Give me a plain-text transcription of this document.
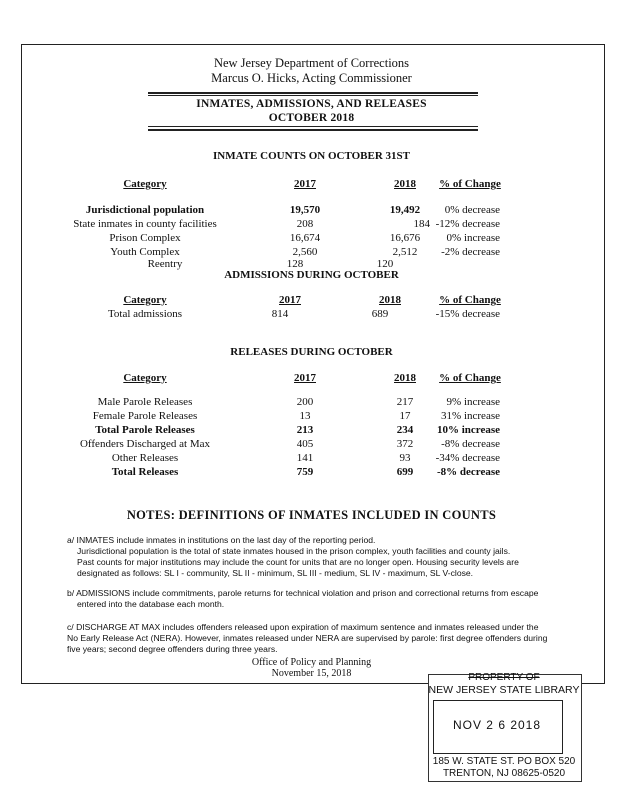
New Jersey Department of Corrections
Marcus O. Hicks, Acting Commissioner
INMATES, ADMISSIONS, AND RELEASES
OCTOBER 2018
INMATE COUNTS ON OCTOBER 31ST
Category	2017	2018	% of Change
Jurisdictional population	19,570	19,492	0% decrease
State inmates in county facilities	208	184 -12% decrease
Prison Complex	16,674	16,676	0% increase
Youth Complex	2,560	2,512	-2% decrease
Reentry	128	120
ADMISSIONS DURING OCTOBER
Category	2017	2018	% of Change
Total admissions	814	689	-15% decrease
RELEASES DURING OCTOBER
Category	2017	2018	% of Change
Male Parole Releases	200	217	9% increase
Female Parole Releases	13	17	31% increase
Total Parole Releases	213	234	10% increase
Offenders Discharged at Max	405	372	-8% decrease
Other Releases	141	93	-34% decrease
Total Releases	759	699	-8% decrease
NOTES: DEFINITIONS OF INMATES INCLUDED IN COUNTS
a/ INMATES include inmates in institutions on the last day of the reporting period.
Jurisdictional population is the total of state inmates housed in the prison complex, youth facilities and county jails.
Past counts for major institutions may include the count for units that are no longer open. Housing security levels are
designated as follows: SL I - community, SL II - minimum, SL III - medium, SL IV - maximum, SL V-close.
b/ ADMISSIONS include commitments, parole returns for technical violation and prison and correctional returns from escape
entered into the database each month.
c/ DISCHARGE AT MAX includes offenders released upon expiration of maximum sentence and inmates released under the
No Early Release Act (NERA). However, inmates released under NERA are supervised by parole: first degree offenders during
five years; second degree offenders during three years.
Office of Policy and Planning
November 15, 2018	PROPERTY OF
NEW JERSEY STATE LIBRARY
NOV 2 6 2018
185 W. STATE ST. PO BOX 520
TRENTON, NJ 08625-0520
